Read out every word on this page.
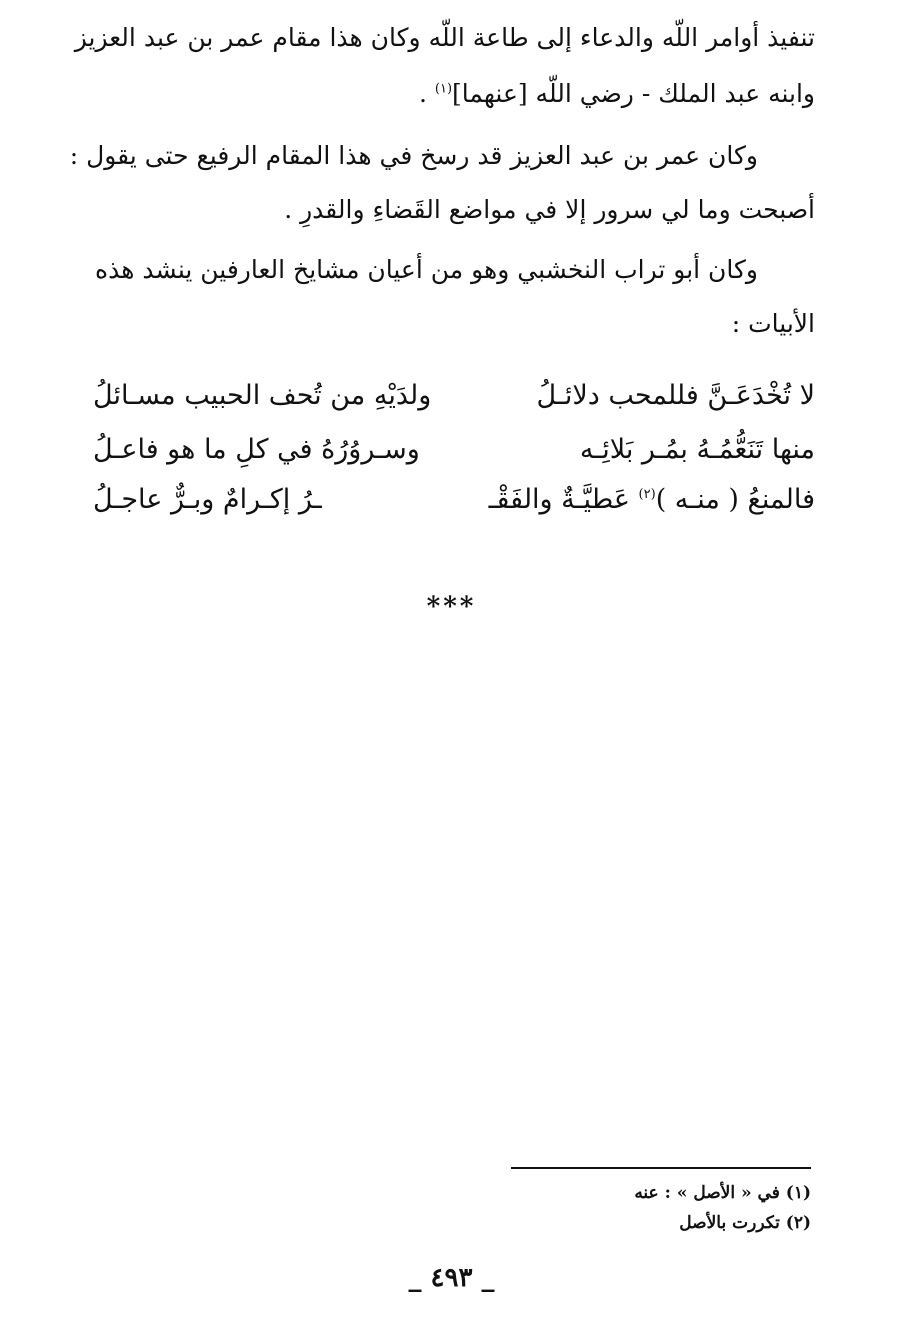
تنفيذ أوامر اللّه والدعاء إلى طاعة اللّه وكان هذا مقام عمر بن عبد العزيز
وابنه عبد الملك - رضي اللّه [عنهما]$^{(١)}$ .
وكان عمر بن عبد العزيز قد رسخ في هذا المقام الرفيع حتى يقول :
أصبحت وما لي سرور إلا في مواضع القَضاءِ والقدرِ .
وكان أبو تراب النخشبي وهو من أعيان مشايخ العارفين ينشد هذه
الأبيات :
لا تُخْدَعَـنَّ فللمحب دلائـلُ
ولدَيْهِ من تُحف الحبيب مسـائلُ
منها تَنَعُّمُـهُ بمُـر بَلائِـه
وسـروُرُهُ في كلِ ما هو فاعـلُ
فالمنعُ ( منـه )$^{(٢)}$ عَطيَّـةٌ والفَقْـ
ـرُ إكـرامٌ وبـرٌّ عاجـلُ
***
(١) في « الأصل » : عنه
(٢) تكررت بالأصل
_ ٤٩٣ _
